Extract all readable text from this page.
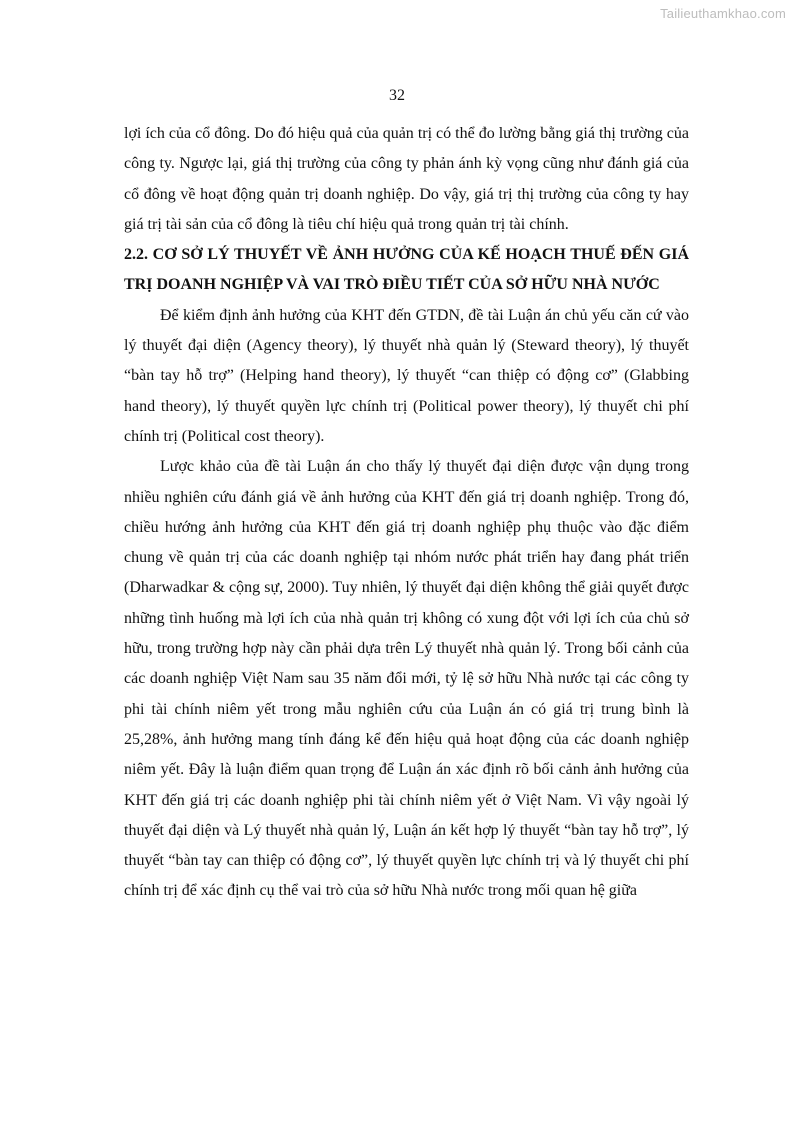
Tailieuthamkhao.com
32

lợi ích của cổ đông. Do đó hiệu quả của quản trị có thể đo lường bằng giá thị trường của công ty. Ngược lại, giá thị trường của công ty phản ánh kỳ vọng cũng như đánh giá của cổ đông về hoạt động quản trị doanh nghiệp. Do vậy, giá trị thị trường của công ty hay giá trị tài sản của cổ đông là tiêu chí hiệu quả trong quản trị tài chính.

2.2. CƠ SỞ LÝ THUYẾT VỀ ẢNH HƯỞNG CỦA KẾ HOẠCH THUẾ ĐẾN GIÁ TRỊ DOANH NGHIỆP VÀ VAI TRÒ ĐIỀU TIẾT CỦA SỞ HỮU NHÀ NƯỚC

Để kiểm định ảnh hưởng của KHT đến GTDN, đề tài Luận án chủ yếu căn cứ vào lý thuyết đại diện (Agency theory), lý thuyết nhà quản lý (Steward theory), lý thuyết “bàn tay hỗ trợ” (Helping hand theory), lý thuyết “can thiệp có động cơ” (Glabbing hand theory), lý thuyết quyền lực chính trị (Political power theory), lý thuyết chi phí chính trị (Political cost theory).

Lược khảo của đề tài Luận án cho thấy lý thuyết đại diện được vận dụng trong nhiều nghiên cứu đánh giá về ảnh hưởng của KHT đến giá trị doanh nghiệp. Trong đó, chiều hướng ảnh hưởng của KHT đến giá trị doanh nghiệp phụ thuộc vào đặc điểm chung về quản trị của các doanh nghiệp tại nhóm nước phát triển hay đang phát triển (Dharwadkar & cộng sự, 2000). Tuy nhiên, lý thuyết đại diện không thể giải quyết được những tình huống mà lợi ích của nhà quản trị không có xung đột với lợi ích của chủ sở hữu, trong trường hợp này cần phải dựa trên Lý thuyết nhà quản lý. Trong bối cảnh của các doanh nghiệp Việt Nam sau 35 năm đổi mới, tỷ lệ sở hữu Nhà nước tại các công ty phi tài chính niêm yết trong mẫu nghiên cứu của Luận án có giá trị trung bình là 25,28%, ảnh hưởng mang tính đáng kể đến hiệu quả hoạt động của các doanh nghiệp niêm yết. Đây là luận điểm quan trọng để Luận án xác định rõ bối cảnh ảnh hưởng của KHT đến giá trị các doanh nghiệp phi tài chính niêm yết ở Việt Nam. Vì vậy ngoài lý thuyết đại diện và Lý thuyết nhà quản lý, Luận án kết hợp lý thuyết “bàn tay hỗ trợ”, lý thuyết “bàn tay can thiệp có động cơ”, lý thuyết quyền lực chính trị và lý thuyết chi phí chính trị để xác định cụ thể vai trò của sở hữu Nhà nước trong mối quan hệ giữa
